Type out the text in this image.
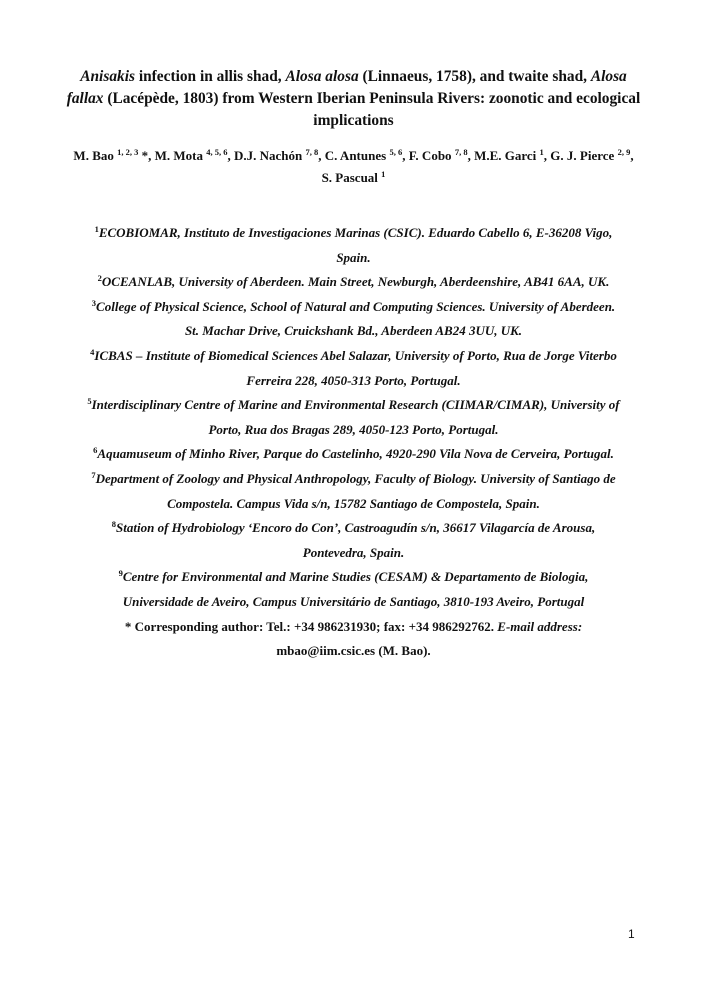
Anisakis infection in allis shad, Alosa alosa (Linnaeus, 1758), and twaite shad, Alosa fallax (Lacépède, 1803) from Western Iberian Peninsula Rivers: zoonotic and ecological implications
M. Bao $^{1, 2, 3}$ *, M. Mota $^{4, 5, 6}$, D.J. Nachón $^{7, 8}$, C. Antunes $^{5, 6}$, F. Cobo $^{7, 8}$, M.E. Garci $^1$, G. J. Pierce $^{2, 9}$, S. Pascual $^1$

$^1$ECOBIOMAR, Instituto de Investigaciones Marinas (CSIC). Eduardo Cabello 6, E-36208 Vigo, Spain.

$^2$OCEANLAB, University of Aberdeen. Main Street, Newburgh, Aberdeenshire, AB41 6AA, UK.

$^3$College of Physical Science, School of Natural and Computing Sciences. University of Aberdeen. St. Machar Drive, Cruickshank Bd., Aberdeen AB24 3UU, UK.

$^4$ICBAS – Institute of Biomedical Sciences Abel Salazar, University of Porto, Rua de Jorge Viterbo Ferreira 228, 4050-313 Porto, Portugal.

$^5$Interdisciplinary Centre of Marine and Environmental Research (CIIMAR/CIMAR), University of Porto, Rua dos Bragas 289, 4050-123 Porto, Portugal.

$^6$Aquamuseum of Minho River, Parque do Castelinho, 4920-290 Vila Nova de Cerveira, Portugal.

$^7$Department of Zoology and Physical Anthropology, Faculty of Biology. University of Santiago de Compostela. Campus Vida s/n, 15782 Santiago de Compostela, Spain.

$^8$Station of Hydrobiology ‘Encoro do Con’, Castroagudín s/n, 36617 Vilagarcía de Arousa, Pontevedra, Spain.

$^9$Centre for Environmental and Marine Studies (CESAM) & Departamento de Biologia, Universidade de Aveiro, Campus Universitário de Santiago, 3810-193 Aveiro, Portugal

* Corresponding author: Tel.: +34 986231930; fax: +34 986292762. E-mail address: mbao@iim.csic.es (M. Bao).

1
